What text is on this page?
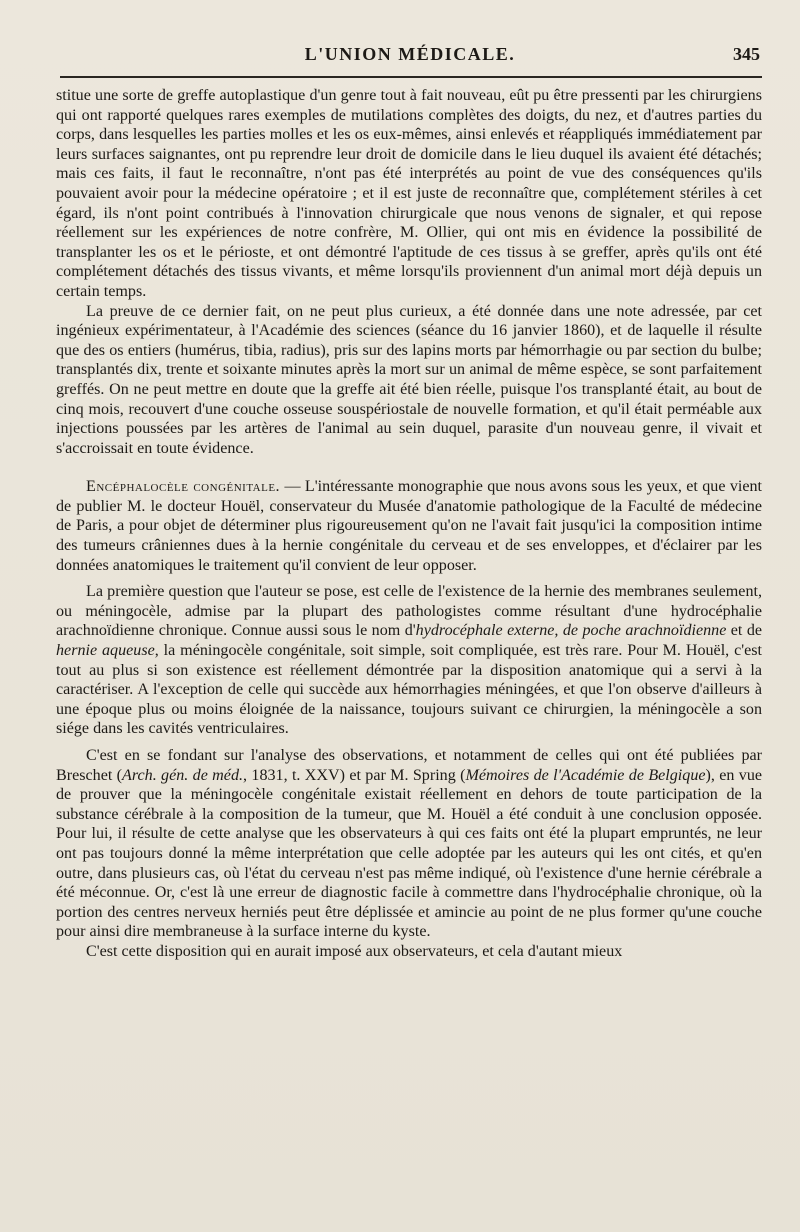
L'UNION MÉDICALE.	345

stitue une sorte de greffe autoplastique d'un genre tout à fait nouveau, eût pu être pressenti par les chirurgiens qui ont rapporté quelques rares exemples de mutilations complètes des doigts, du nez, et d'autres parties du corps, dans lesquelles les parties molles et les os eux-mêmes, ainsi enlevés et réappliqués immédiatement par leurs surfaces saignantes, ont pu reprendre leur droit de domicile dans le lieu duquel ils avaient été détachés; mais ces faits, il faut le reconnaître, n'ont pas été interprétés au point de vue des conséquences qu'ils pouvaient avoir pour la médecine opératoire ; et il est juste de reconnaître que, complétement stériles à cet égard, ils n'ont point contribués à l'innovation chirurgicale que nous venons de signaler, et qui repose réellement sur les expériences de notre confrère, M. Ollier, qui ont mis en évidence la possibilité de transplanter les os et le périoste, et ont démontré l'aptitude de ces tissus à se greffer, après qu'ils ont été complétement détachés des tissus vivants, et même lorsqu'ils proviennent d'un animal mort déjà depuis un certain temps.

La preuve de ce dernier fait, on ne peut plus curieux, a été donnée dans une note adressée, par cet ingénieux expérimentateur, à l'Académie des sciences (séance du 16 janvier 1860), et de laquelle il résulte que des os entiers (humérus, tibia, radius), pris sur des lapins morts par hémorrhagie ou par section du bulbe; transplantés dix, trente et soixante minutes après la mort sur un animal de même espèce, se sont parfaitement greffés. On ne peut mettre en doute que la greffe ait été bien réelle, puisque l'os transplanté était, au bout de cinq mois, recouvert d'une couche osseuse souspériostale de nouvelle formation, et qu'il était perméable aux injections poussées par les artères de l'animal au sein duquel, parasite d'un nouveau genre, il vivait et s'accroissait en toute évidence.

Encéphalocèle congénitale. — L'intéressante monographie que nous avons sous les yeux, et que vient de publier M. le docteur Houël, conservateur du Musée d'anatomie pathologique de la Faculté de médecine de Paris, a pour objet de déterminer plus rigoureusement qu'on ne l'avait fait jusqu'ici la composition intime des tumeurs crâniennes dues à la hernie congénitale du cerveau et de ses enveloppes, et d'éclairer par les données anatomiques le traitement qu'il convient de leur opposer.

La première question que l'auteur se pose, est celle de l'existence de la hernie des membranes seulement, ou méningocèle, admise par la plupart des pathologistes comme résultant d'une hydrocéphalie arachnoïdienne chronique. Connue aussi sous le nom d'hydrocéphale externe, de poche arachnoïdienne et de hernie aqueuse, la méningocèle congénitale, soit simple, soit compliquée, est très rare. Pour M. Houël, c'est tout au plus si son existence est réellement démontrée par la disposition anatomique qui a servi à la caractériser. A l'exception de celle qui succède aux hémorrhagies méningées, et que l'on observe d'ailleurs à une époque plus ou moins éloignée de la naissance, toujours suivant ce chirurgien, la méningocèle a son siége dans les cavités ventriculaires.

C'est en se fondant sur l'analyse des observations, et notamment de celles qui ont été publiées par Breschet (Arch. gén. de méd., 1831, t. XXV) et par M. Spring (Mémoires de l'Académie de Belgique), en vue de prouver que la méningocèle congénitale existait réellement en dehors de toute participation de la substance cérébrale à la composition de la tumeur, que M. Houël a été conduit à une conclusion opposée. Pour lui, il résulte de cette analyse que les observateurs à qui ces faits ont été la plupart empruntés, ne leur ont pas toujours donné la même interprétation que celle adoptée par les auteurs qui les ont cités, et qu'en outre, dans plusieurs cas, où l'état du cerveau n'est pas même indiqué, où l'existence d'une hernie cérébrale a été méconnue. Or, c'est là une erreur de diagnostic facile à commettre dans l'hydrocéphalie chronique, où la portion des centres nerveux herniés peut être déplissée et amincie au point de ne plus former qu'une couche pour ainsi dire membraneuse à la surface interne du kyste.

C'est cette disposition qui en aurait imposé aux observateurs, et cela d'autant mieux
